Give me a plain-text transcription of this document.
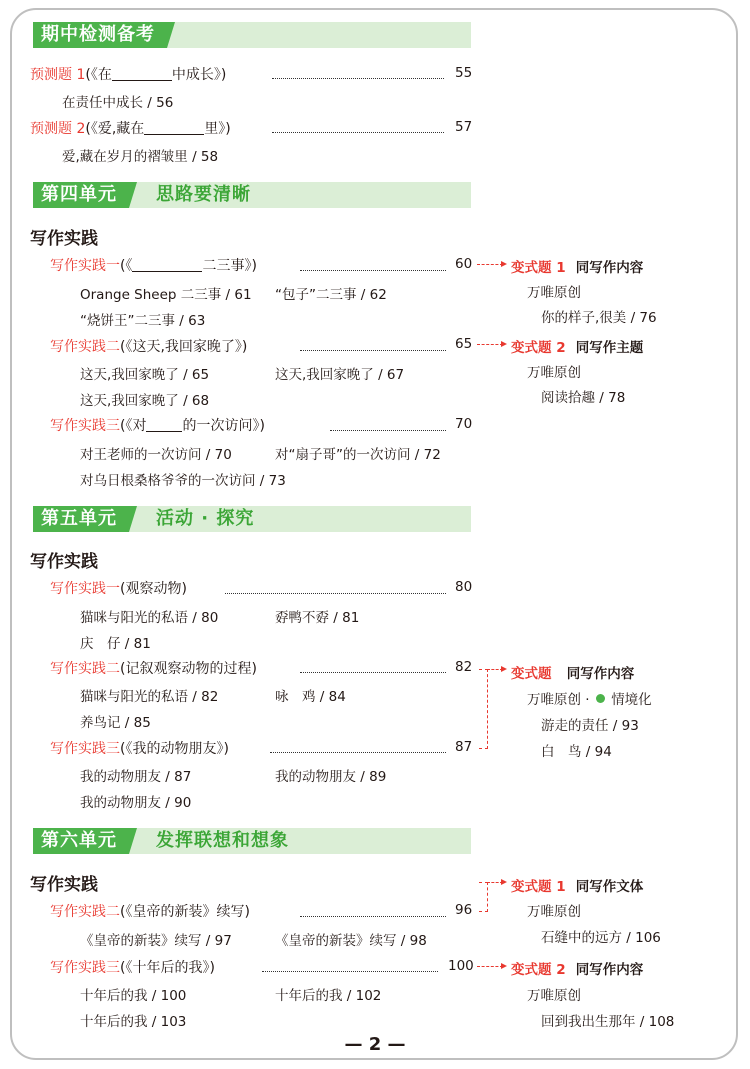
期中检测备考
预测题 1(《在	中成长》)	55
在责任中成长 / 56
预测题 2(《爱,藏在	里》)	57
爱,藏在岁月的褶皱里 / 58
第四单元	思路要清晰
写作实践
写作实践一(《	二三事》)	60	变式题 1 同写作内容
万唯原创
你的样子,很美 / 76
Orange Sheep 二三事 / 61 “包子”二三事 / 62
“烧饼王”二三事 / 63
写作实践二(《这天,我回家晚了》)	65	变式题 2 同写作主题
万唯原创
阅读拾趣 / 78
这天,我回家晚了 / 65	这天,我回家晚了 / 67
这天,我回家晚了 / 68
写作实践三(《对	的一次访问》)	70
对王老师的一次访问 / 70	对“扇子哥”的一次访问 / 72
对乌日根桑格爷爷的一次访问 / 73
第五单元	活动 · 探究
写作实践
写作实践一(观察动物)	80
猫咪与阳光的私语 / 80	孬鸭不孬 / 81
庆　仔 / 81
写作实践二(记叙观察动物的过程)	82
猫咪与阳光的私语 / 82	咏　鸡 / 84
养鸟记 / 85
写作实践三(《我的动物朋友》)	87
我的动物朋友 / 87	我的动物朋友 / 89
我的动物朋友 / 90
变式题 同写作内容
万唯原创 · 情境化
游走的责任 / 93
白　鸟 / 94
第六单元	发挥联想和想象
写作实践
写作实践二(《皇帝的新装》续写)	96
《皇帝的新装》续写 / 97	《皇帝的新装》续写 / 98
变式题 1 同写作文体
万唯原创
石缝中的远方 / 106
写作实践三(《十年后的我》)	100	变式题 2 同写作内容
万唯原创
回到我出生那年 / 108
十年后的我 / 100	十年后的我 / 102
十年后的我 / 103
— 2 —
